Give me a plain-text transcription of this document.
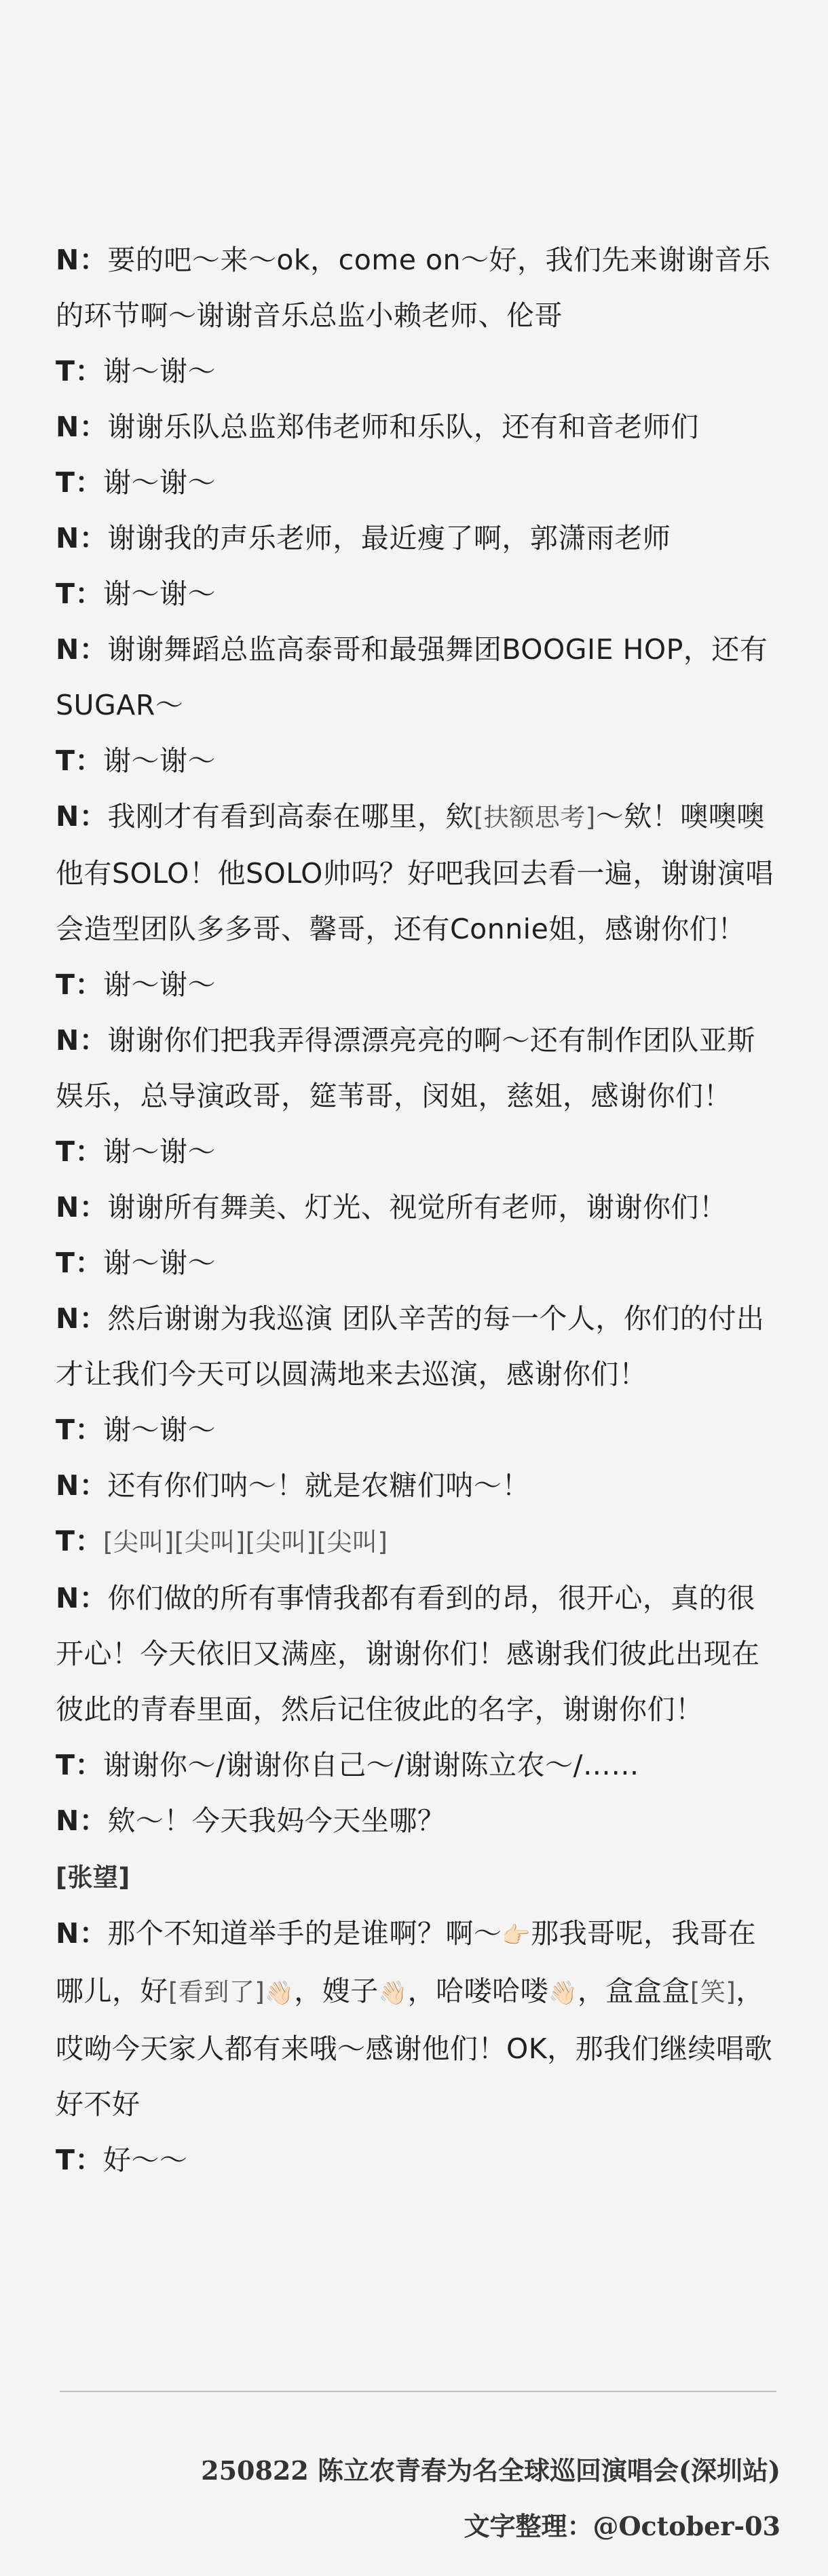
N：要的吧～来～ok，come on～好，我们先来谢谢音乐的环节啊～谢谢音乐总监小赖老师、伦哥
T：谢～谢～
N：谢谢乐队总监郑伟老师和乐队，还有和音老师们
T：谢～谢～
N：谢谢我的声乐老师，最近瘦了啊，郭潇雨老师
T：谢～谢～
N：谢谢舞蹈总监高泰哥和最强舞团BOOGIE HOP，还有SUGAR～
T：谢～谢～
N：我刚才有看到高泰在哪里，欸[扶额思考]～欸！噢噢噢他有SOLO！他SOLO帅吗？好吧我回去看一遍，谢谢演唱会造型团队多多哥、馨哥，还有Connie姐，感谢你们！
T：谢～谢～
N：谢谢你们把我弄得漂漂亮亮的啊～还有制作团队亚斯娱乐，总导演政哥，筵苇哥，闵姐，慈姐，感谢你们！
T：谢～谢～
N：谢谢所有舞美、灯光、视觉所有老师，谢谢你们！
T：谢～谢～
N：然后谢谢为我巡演 团队辛苦的每一个人，你们的付出才让我们今天可以圆满地来去巡演，感谢你们！
T：谢～谢～
N：还有你们呐～！就是农糖们呐～！
T：[尖叫][尖叫][尖叫][尖叫]
N：你们做的所有事情我都有看到的昂，很开心，真的很开心！今天依旧又满座，谢谢你们！感谢我们彼此出现在彼此的青春里面，然后记住彼此的名字，谢谢你们！
T：谢谢你～/谢谢你自己～/谢谢陈立农～/……
N：欸～！今天我妈今天坐哪？
[张望]
N：那个不知道举手的是谁啊？啊～👉🏻那我哥呢，我哥在哪儿，好[看到了]👋🏻，嫂子👋🏻，哈喽哈喽👋🏻，盒盒盒[笑]，哎呦今天家人都有来哦～感谢他们！OK，那我们继续唱歌好不好
T：好～～
250822 陈立农青春为名全球巡回演唱会(深圳站)
文字整理：@October-03
